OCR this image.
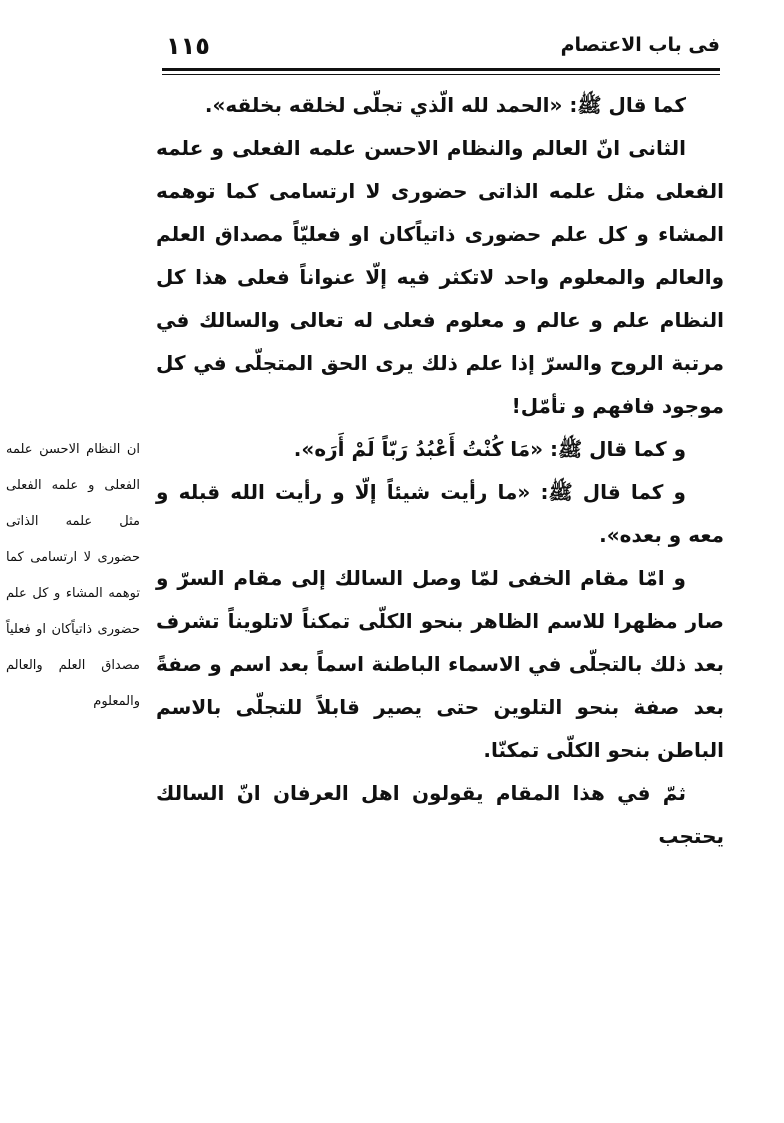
فی باب الاعتصام
١١٥

کما قال ﷺ: «الحمد لله الّذي تجلّی لخلقه بخلقه».

الثانی انّ العالم والنظام الاحسن علمه الفعلی و علمه الفعلی مثل علمه الذاتی حضوری لا ارتسامی کما توهمه المشاء و کل علم حضوری ذاتیاًکان او فعلیّاً مصداق العلم والعالم والمعلوم واحد لاتکثر فیه إلّا عنواناً فعلی هذا کل النظام علم و عالم و معلوم فعلی له تعالی والسالك في مرتبة الروح والسرّ إذا علم ذلك یری الحق المتجلّی في کل موجود فافهم و تأمّل!

و کما قال ﷺ: «مَا کُنْتُ أَعْبُدُ رَبّاً لَمْ أَرَه».

و کما قال ﷺ: «ما رأیت شیئاً إلّا و رأیت الله قبله و معه و بعده».

و امّا مقام الخفی لمّا وصل السالك إلی مقام السرّ و صار مظهرا للاسم الظاهر بنحو الکلّی تمکناً لاتلویناً تشرف بعد ذلك بالتجلّی في الاسماء الباطنة اسماً بعد اسم و صفةً بعد صفة بنحو التلوین حتی یصیر قابلاً للتجلّی بالاسم الباطن بنحو الکلّی تمکنّا.

ثمّ في هذا المقام یقولون اهل العرفان انّ السالك یحتجب

ان النظام الاحسن علمه الفعلی و علمه الفعلی مثل علمه الذاتی حضوری لا ارتسامی کما توهمه المشاء و کل علم حضوری ذاتیاًکان او فعلیاً مصداق العلم والعالم والمعلوم
